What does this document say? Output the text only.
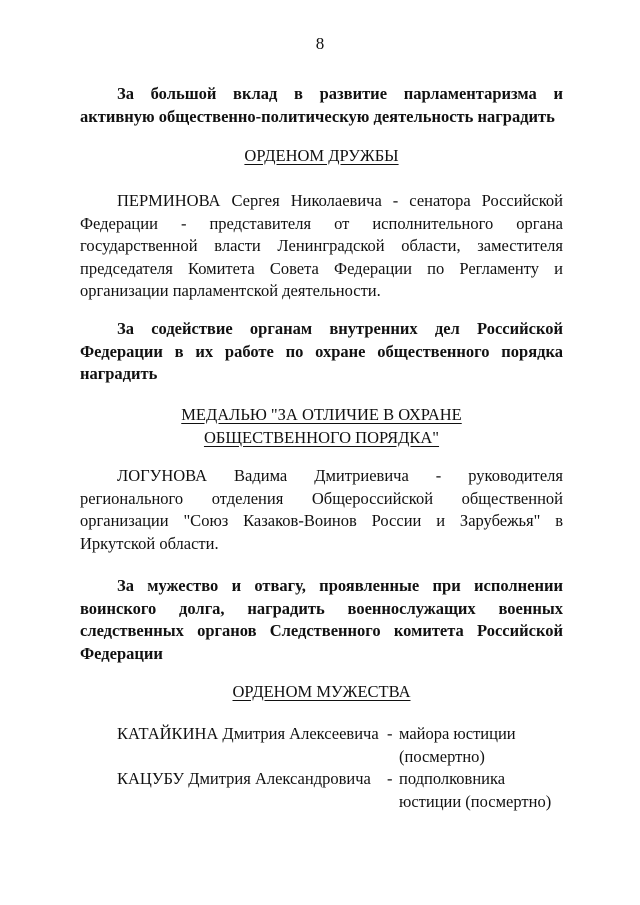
8
За большой вклад в развитие парламентаризма и активную общественно-политическую деятельность наградить
ОРДЕНОМ ДРУЖБЫ
ПЕРМИНОВА Сергея Николаевича - сенатора Российской Федерации - представителя от исполнительного органа государственной власти Ленинградской области, заместителя председателя Комитета Совета Федерации по Регламенту и организации парламентской деятельности.
За содействие органам внутренних дел Российской Федерации в их работе по охране общественного порядка наградить
МЕДАЛЬЮ "ЗА ОТЛИЧИЕ В ОХРАНЕ
ОБЩЕСТВЕННОГО ПОРЯДКА"
ЛОГУНОВА Вадима Дмитриевича - руководителя регионального отделения Общероссийской общественной организации "Союз Казаков-Воинов России и Зарубежья" в Иркутской области.
За мужество и отвагу, проявленные при исполнении воинского долга, наградить военнослужащих военных следственных органов Следственного комитета Российской Федерации
ОРДЕНОМ МУЖЕСТВА
КАТАЙКИНА Дмитрия Алексеевича - майора юстиции (посмертно)
КАЦУБУ Дмитрия Александровича - подполковника юстиции (посмертно)
